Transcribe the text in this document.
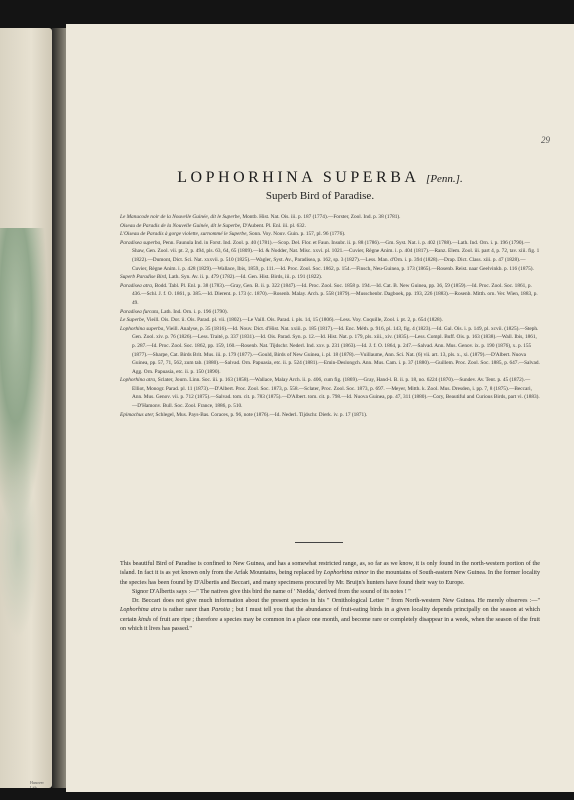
Hanover Lith.
29
LOPHORHINA SUPERBA [Penn.].
Superb Bird of Paradise.

Le Manucode noir de la Nouvelle Guinée, dit le Superbe, Montb. Hist. Nat. Ois. iii. p. 187 (1774).—Forster, Zool. Ind. p. 38 (1781).

Oiseau de Paradis de la Nouvelle Guinée, dit le Superbe, D'Aubent. Pl. Enl. iii. pl. 632.

L'Oiseau de Paradis à gorge violette, surnommé le Superbe, Sonn. Voy. Nouv. Guin. p. 157, pl. 96 (1776).

Paradisea superba, Penn. Faunula Ind. in Forst. Ind. Zool. p. 40 (1781).—Scop. Del. Flor. et Faun. Insubr. ii. p. 88 (1786).—Gm. Syst. Nat. i. p. 402 (1788).—Lath. Ind. Orn. i. p. 196 (1790).—Shaw, Gen. Zool. vii. pt. 2, p. 494, pls. 63, 64, 65 (1809).—Id. & Nodder, Nat. Misc. xxvi. pl. 1021.—Cuvier, Règne Anim. i. p. 404 (1817).—Ranz. Elem. Zool. iii. part 4, p. 72, tav. xiii. fig. 1 (1822).—Dumont, Dict. Sci. Nat. xxxvii. p. 510 (1825).—Wagler, Syst. Av., Paradisea, p. 162, sp. 3 (1827).—Less. Man. d'Orn. i. p. 394 (1828).—Drap. Dict. Class. xiii. p. 47 (1828).—Cuvier, Règne Anim. i. p. 428 (1829).—Wallace, Ibis, 1859, p. 111.—Id. Proc. Zool. Soc. 1862, p. 154.—Finsch, Neu-Guinea, p. 173 (1865).—Rosenb. Reist. naar Geelvinkb. p. 116 (1875).

Superb Paradise Bird, Lath. Syn. Av. ii. p. 479 (1782).—Id. Gen. Hist. Birds, iii. p. 191 (1822).

Paradisea atra, Bodd. Tabl. Pl. Enl. p. 38 (1783).—Gray, Gen. B. ii. p. 322 (1847).—Id. Proc. Zool. Soc. 1858 p. 194.—Id. Cat. B. New Guinea, pp. 36, 59 (1859).—Id. Proc. Zool. Soc. 1861, p. 436.—Schl. J. f. O. 1861, p. 385.—Id. Dierent. p. 173 (c. 1870).—Rosenb. Malay. Arch. p. 558 (1879).—Musschenbr. Dagboek, pp. 193, 226 (1883).—Rosenb. Mitth. orn. Ver. Wien, 1883, p. 49.

Paradisea furcata, Lath. Ind. Orn. i. p. 196 (1790).

Le Superbe, Vieill. Ois. Dor. ii. Ois. Parad. pl. vii. (1802).—Le Vaill. Ois. Parad. i. pls. 14, 15 (1806).—Less. Voy. Coquille, Zool. i. pt. 2, p. 654 (1828).

Lophorhina superba, Vieill. Analyse, p. 35 (1816).—Id. Nouv. Dict. d'Hist. Nat. xxiii. p. 185 (1817).—Id. Enc. Méth. p. 916, pl. 143, fig. 4 (1823).—Id. Gal. Ois. i. p. 149, pl. xcvii. (1825).—Steph. Gen. Zool. xiv. p. 76 (1826).—Less. Traité, p. 337 (1831).—Id. Ois. Parad. Syn. p. 12.—Id. Hist. Nat. p. 179, pls. xiii., xiv. (1835).—Less. Compl. Buff. Ois. p. 163 (1838).—Wall. Ibis, 1861, p. 287.—Id. Proc. Zool. Soc. 1862, pp. 159, 160.—Rosenb. Nat. Tijdschr. Nederl. Ind. xxv. p. 231 (1863).—Id. J. f. O. 1864, p. 247.—Salvad. Ann. Mus. Genov. ix. p. 190 (1876), x. p. 155 (1877).—Sharpe, Cat. Birds Brit. Mus. iii. p. 179 (1877).—Gould, Birds of New Guinea, i. pl. 18 (1878).—Vuillaume, Ann. Sci. Nat. (6) vii. art. 13, pls. x., xi. (1879).—D'Albert. Nuova Guinea, pp. 57, 71, 562, zum tab. (1880).—Salvad. Orn. Papuasia, etc. ii. p. 524 (1881).—Emin-Deslongch. Ann. Mus. Cam. i. p. 37 (1880).—Guillem. Proc. Zool. Soc. 1885, p. 647.—Salvad. Agg. Orn. Papuasia, etc. ii. p. 150 (1890).

Lophorhina atra, Sclater, Journ. Linn. Soc. iii. p. 163 (1858).—Wallace, Malay Arch. ii. p. 406, cum fig. (1869).—Gray, Hand-l. B. ii. p. 18, no. 6224 (1870).—Sundev. Av. Tent. p. 45 (1872).—Elliot, Monogr. Parad. pl. 11 (1873).—D'Albert. Proc. Zool. Soc. 1873, p. 558.—Sclater, Proc. Zool. Soc. 1873, p. 697. —Meyer, Mitth. k. Zool. Mus. Dresden, i. pp. 7, 8 (1875).—Beccari, Ann. Mus. Genov. vii. p. 712 (1875).—Salvad. tom. cit. p. 783 (1875).—D'Albert. tom. cit. p. 798.—Id. Nuova Guinea, pp. 47, 311 (1880).—Cory, Beautiful and Curious Birds, part vi. (1883).—D'Hamonv. Bull. Soc. Zool. France, 1886, p. 510.

Epimachus ater, Schlegel, Mus. Pays-Bas. Coraces, p. 96, note (1876).—Id. Nederl. Tijdschr. Dierk. iv. p. 17 (1871).

This beautiful Bird of Paradise is confined to New Guinea, and has a somewhat restricted range, as, so far as we know, it is only found in the north-western portion of the island. In fact it is as yet known only from the Arfak Mountains, being replaced by Lophorhina minor in the mountains of South-eastern New Guinea. In the former locality the species has been found by D'Albertis and Beccari, and many specimens procured by Mr. Bruijn's hunters have found their way to Europe.

Signor D'Albertis says :—" The natives give this bird the name of ' Niedda,' derived from the sound of its notes ! "

Dr. Beccari does not give much information about the present species in his " Ornithological Letter " from North-western New Guinea. He merely observes :—" Lophorhina atra is rather rarer than Parotia ; but I must tell you that the abundance of fruit-eating birds in a given locality depends principally on the season at which certain kinds of fruit are ripe ; therefore a species may be common in a place one month, and become rare or completely disappear in a week, when the season of the fruit on which it lives has passed."
